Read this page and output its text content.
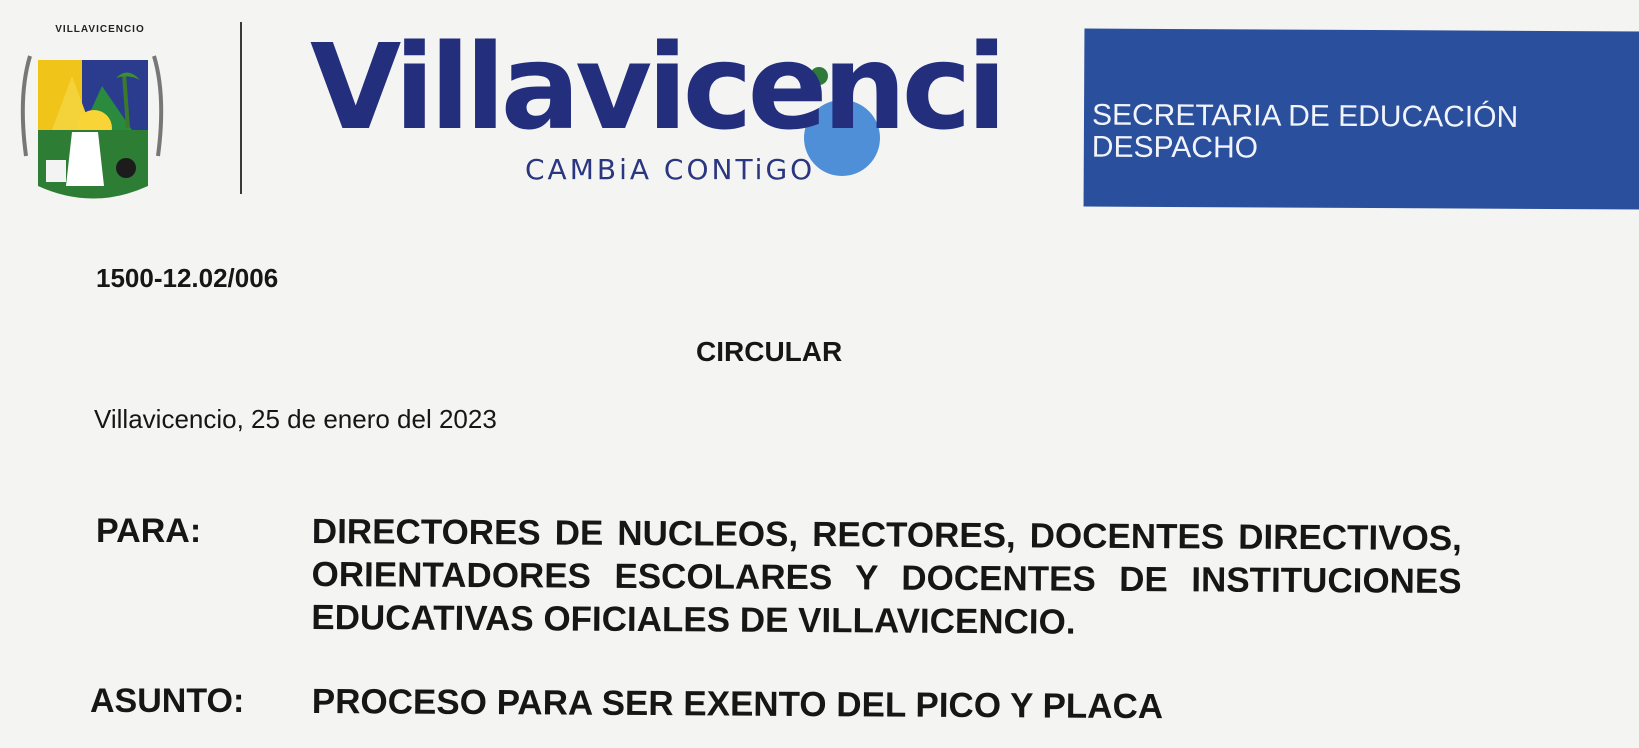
VILLAVICENCIO Villavicenci
CAMBiA CONTiGO
SECRETARIA DE EDUCACIÓN
DESPACHO
1500-12.02/006
CIRCULAR
Villavicencio, 25 de enero del 2023
PARA:	DIRECTORES DE NUCLEOS, RECTORES, DOCENTES DIRECTIVOS, ORIENTADORES ESCOLARES Y DOCENTES DE INSTITUCIONES EDUCATIVAS OFICIALES DE VILLAVICENCIO.
ASUNTO: PROCESO PARA SER EXENTO DEL PICO Y PLACA
